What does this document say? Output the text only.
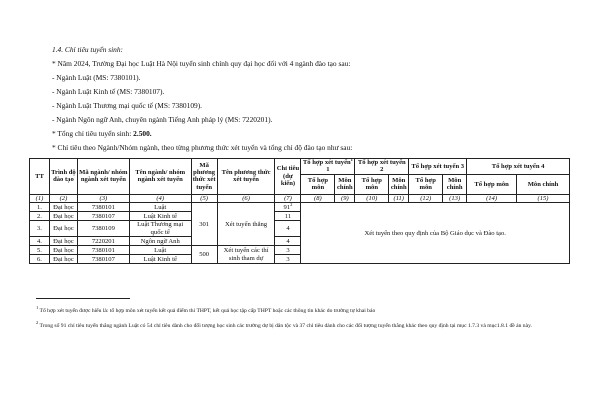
1.4. Chỉ tiêu tuyển sinh:
* Năm 2024, Trường Đại học Luật Hà Nội tuyển sinh chính quy đại học đối với 4 ngành đào tạo sau:
- Ngành Luật (MS: 7380101).
- Ngành Luật Kinh tế (MS: 7380107).
- Ngành Luật Thương mại quốc tế (MS: 7380109).
- Ngành Ngôn ngữ Anh, chuyên ngành Tiếng Anh pháp lý (MS: 7220201).
* Tổng chỉ tiêu tuyển sinh: 2.500.
* Chỉ tiêu theo Ngành/Nhóm ngành, theo từng phương thức xét tuyển và tổng chỉ độ đào tạo như sau:
TT	Trình độ đào tạo	Mã ngành/ nhóm ngành xét tuyển	Tên ngành/ nhóm ngành xét tuyển	Mã phương thức xét tuyển	Tên phương thức xét tuyển	Chỉ tiêu (dự kiến)	Tổ hợp xét tuyển$^1$ 1		Tổ hợp xét tuyển 2		Tổ hợp xét tuyển 3		Tổ hợp xét tuyển 4	
							Tổ hợp môn	Môn chính	Tổ hợp môn	Môn chính	Tổ hợp môn	Môn chính	Tổ hợp môn	Môn chính
(1)	(2)	(3)	(4)	(5)	(6)	(7)	(8)	(9)	(10)	(11)	(12)	(13)	(14)	(15)
1.	Đại học	7380101	Luật	301	Xét tuyển thẳng	$91^2$	Xét tuyển theo quy định của Bộ Giáo dục và Đào tạo.							
2.	Đại học	7380107	Luật Kinh tế			11								
3.	Đại học	7380109	Luật Thương mại quốc tế			4								
4.	Đại học	7220201	Ngôn ngữ Anh			4								
5.	Đại học	7380101	Luật	500	Xét tuyển các thí sinh tham dự	3								
6.	Đại học	7380107	Luật Kinh tế			3								
$^1$ Tổ hợp xét tuyển được hiểu là: tổ hợp môn xét tuyển kết quả điểm thi THPT, kết quả học tập cấp THPT hoặc các thông tin khác do trường tự khai báo
$^2$ Trong số 91 chỉ tiêu tuyển thẳng ngành Luật có 54 chỉ tiêu dành cho đối tượng học sinh các trường dự bị dân tộc và 37 chỉ tiêu dành cho các đối tượng tuyển thẳng khác theo quy định tại mục 1.7.3 và mục1.8.1 đề án này.
